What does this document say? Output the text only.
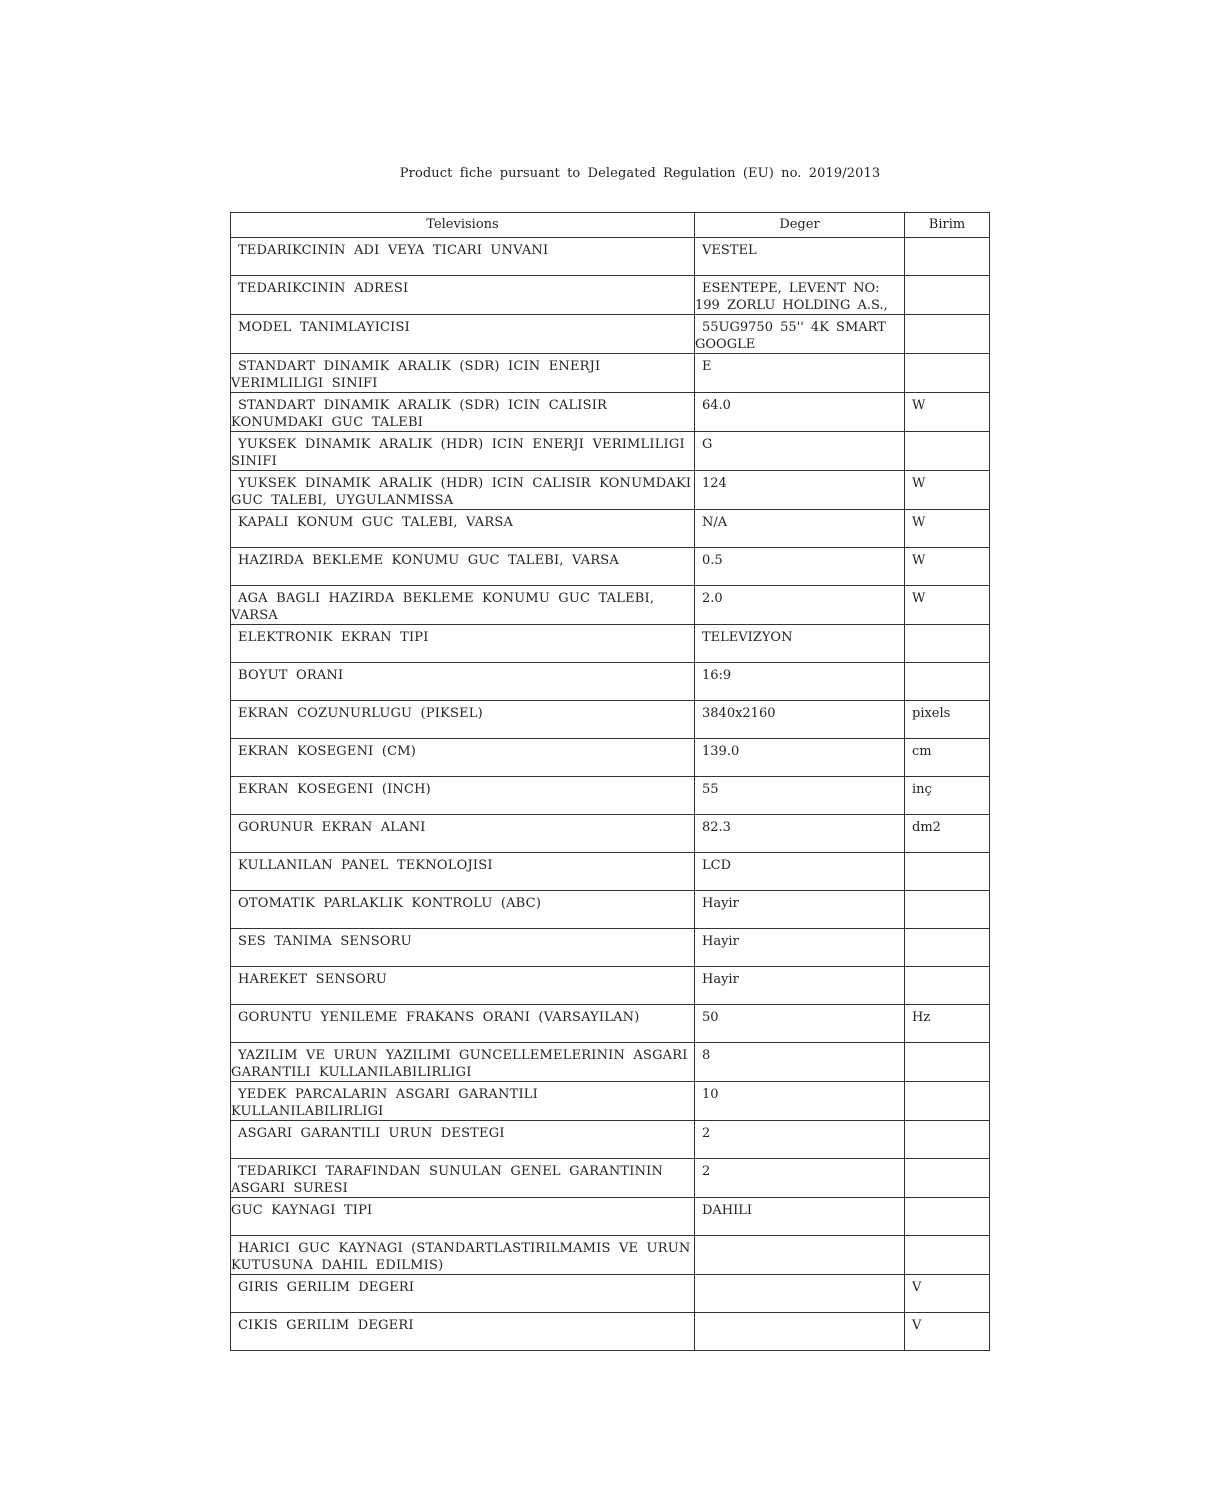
Product fiche pursuant to Delegated Regulation (EU) no. 2019/2013
Televisions	Deger	Birim

TEDARIKCININ ADI VEYA TICARI UNVANI	VESTEL	

TEDARIKCININ ADRESI	ESENTEPE, LEVENT NO: 199 ZORLU HOLDING A.S.,	

MODEL TANIMLAYICISI	55UG9750 55'' 4K SMART GOOGLE	

STANDART DINAMIK ARALIK (SDR) ICIN ENERJI VERIMLILIGI SINIFI	E	

STANDART DINAMIK ARALIK (SDR) ICIN CALISIR KONUMDAKI GUC TALEBI	64.0	W

YUKSEK DINAMIK ARALIK (HDR) ICIN ENERJI VERIMLILIGI SINIFI	G	

YUKSEK DINAMIK ARALIK (HDR) ICIN CALISIR KONUMDAKI GUC TALEBI, UYGULANMISSA	124	W

KAPALI KONUM GUC TALEBI, VARSA	N/A	W

HAZIRDA BEKLEME KONUMU GUC TALEBI, VARSA	0.5	W

AGA BAGLI HAZIRDA BEKLEME KONUMU GUC TALEBI, VARSA	2.0	W

ELEKTRONIK EKRAN TIPI	TELEVIZYON	

BOYUT ORANI	16:9	

EKRAN COZUNURLUGU (PIKSEL)	3840x2160	pixels

EKRAN KOSEGENI (CM)	139.0	cm

EKRAN KOSEGENI (INCH)	55	inç

GORUNUR EKRAN ALANI	82.3	dm2

KULLANILAN PANEL TEKNOLOJISI	LCD	

OTOMATIK PARLAKLIK KONTROLU (ABC)	Hayir	

SES TANIMA SENSORU	Hayir	

HAREKET SENSORU	Hayir	

GORUNTU YENILEME FRAKANS ORANI (VARSAYILAN)	50	Hz

YAZILIM VE URUN YAZILIMI GUNCELLEMELERININ ASGARI GARANTILI KULLANILABILIRLIGI	8	

YEDEK PARCALARIN ASGARI GARANTILI KULLANILABILIRLIGI	10	

ASGARI GARANTILI URUN DESTEGI	2	

TEDARIKCI TARAFINDAN SUNULAN GENEL GARANTININ ASGARI SURESI	2	

GUC KAYNAGI TIPI	DAHILI	

HARICI GUC KAYNAGI (STANDARTLASTIRILMAMIS VE URUN KUTUSUNA DAHIL EDILMIS)		

GIRIS GERILIM DEGERI		V

CIKIS GERILIM DEGERI		V
